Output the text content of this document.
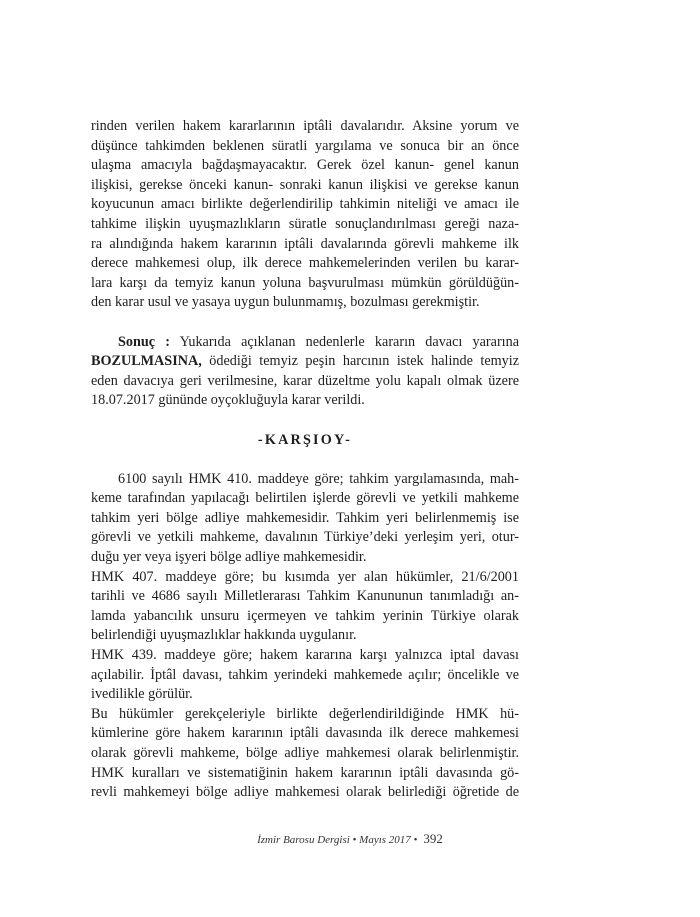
rinden verilen hakem kararlarının iptâli davalarıdır. Aksine yorum ve
düşünce tahkimden beklenen süratli yargılama ve sonuca bir an önce
ulaşma amacıyla bağdaşmayacaktır. Gerek özel kanun- genel kanun
ilişkisi, gerekse önceki kanun- sonraki kanun ilişkisi ve gerekse kanun
koyucunun amacı birlikte değerlendirilip tahkimin niteliği ve amacı ile
tahkime ilişkin uyuşmazlıkların süratle sonuçlandırılması gereği naza-
ra alındığında hakem kararının iptâli davalarında görevli mahkeme ilk
derece mahkemesi olup, ilk derece mahkemelerinden verilen bu karar-
lara karşı da temyiz kanun yoluna başvurulması mümkün görüldüğün-
den karar usul ve yasaya uygun bulunmamış, bozulması gerekmiştir.
Sonuç : Yukarıda açıklanan nedenlerle kararın davacı yararına
BOZULMASINA, ödediği temyiz peşin harcının istek halinde temyiz
eden davacıya geri verilmesine, karar düzeltme yolu kapalı olmak üzere
18.07.2017 gününde oyçokluğuyla karar verildi.
-KARŞIOY-
6100 sayılı HMK 410. maddeye göre; tahkim yargılamasında, mah-
keme tarafından yapılacağı belirtilen işlerde görevli ve yetkili mahkeme
tahkim yeri bölge adliye mahkemesidir. Tahkim yeri belirlenmemiş ise
görevli ve yetkili mahkeme, davalının Türkiye’deki yerleşim yeri, otur-
duğu yer veya işyeri bölge adliye mahkemesidir.
HMK 407. maddeye göre; bu kısımda yer alan hükümler, 21/6/2001
tarihli ve 4686 sayılı Milletlerarası Tahkim Kanununun tanımladığı an-
lamda yabancılık unsuru içermeyen ve tahkim yerinin Türkiye olarak
belirlendiği uyuşmazlıklar hakkında uygulanır.
HMK 439. maddeye göre; hakem kararına karşı yalnızca iptal davası
açılabilir. İptâl davası, tahkim yerindeki mahkemede açılır; öncelikle ve
ivedilikle görülür.
Bu hükümler gerekçeleriyle birlikte değerlendirildiğinde HMK hü-
kümlerine göre hakem kararının iptâli davasında ilk derece mahkemesi
olarak görevli mahkeme, bölge adliye mahkemesi olarak belirlenmiştir.
HMK kuralları ve sistematiğinin hakem kararının iptâli davasında gö-
revli mahkemeyi bölge adliye mahkemesi olarak belirlediği öğretide de
İzmir Barosu Dergisi • Mayıs 2017 • 392
